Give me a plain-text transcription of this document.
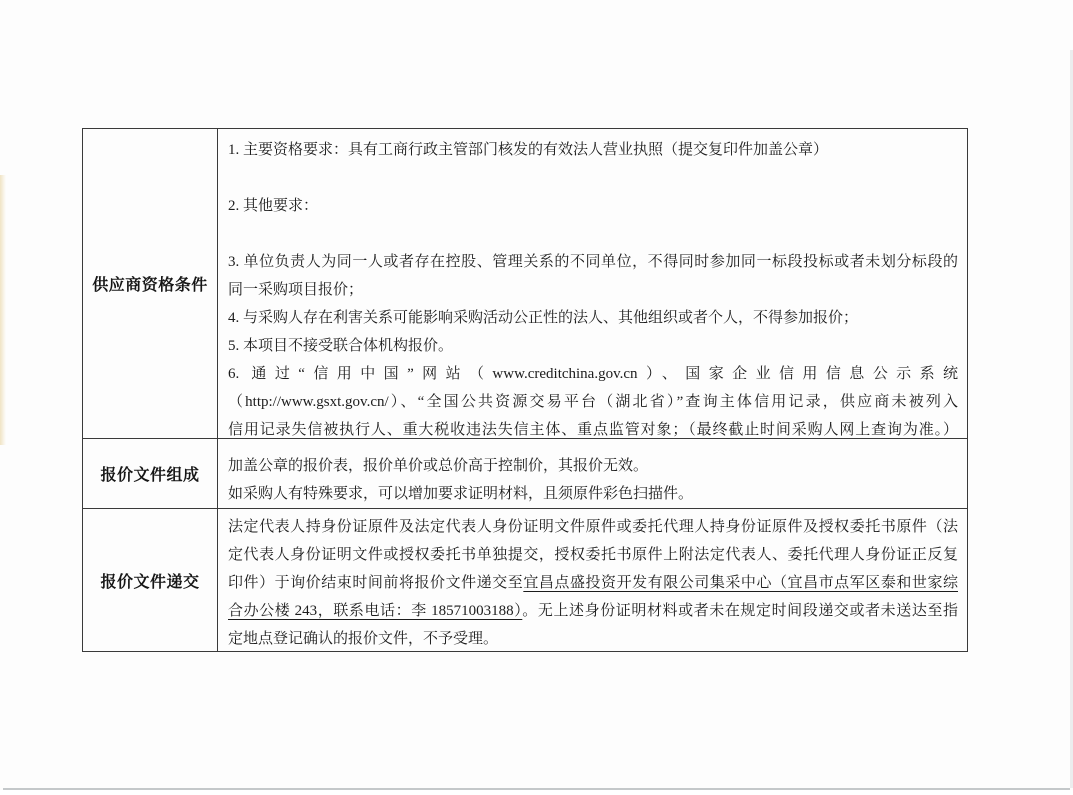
供应商资格条件
1. 主要资格要求：具有工商行政主管部门核发的有效法人营业执照（提交复印件加盖公章）
2. 其他要求：
3. 单位负责人为同一人或者存在控股、管理关系的不同单位，不得同时参加同一标段投标或者未划分标段的
同一采购项目报价；
4. 与采购人存在利害关系可能影响采购活动公正性的法人、其他组织或者个人，不得参加报价；
5. 本项目不接受联合体机构报价。
6. 通过“信用中国”网站（www.creditchina.gov.cn）、国家企业信用信息公示系统
（http://www.gsxt.gov.cn/）、“全国公共资源交易平台（湖北省）”查询主体信用记录，供应商未被列入
信用记录失信被执行人、重大税收违法失信主体、重点监管对象；（最终截止时间采购人网上查询为准。）
报价文件组成
加盖公章的报价表，报价单价或总价高于控制价，其报价无效。
如采购人有特殊要求，可以增加要求证明材料，且须原件彩色扫描件。
报价文件递交
法定代表人持身份证原件及法定代表人身份证明文件原件或委托代理人持身份证原件及授权委托书原件（法
定代表人身份证明文件或授权委托书单独提交，授权委托书原件上附法定代表人、委托代理人身份证正反复
印件）于询价结束时间前将报价文件递交至宜昌点盛投资开发有限公司集采中心（宜昌市点军区泰和世家综
合办公楼 243，联系电话：李 18571003188）。无上述身份证明材料或者未在规定时间段递交或者未送达至指
定地点登记确认的报价文件，不予受理。
